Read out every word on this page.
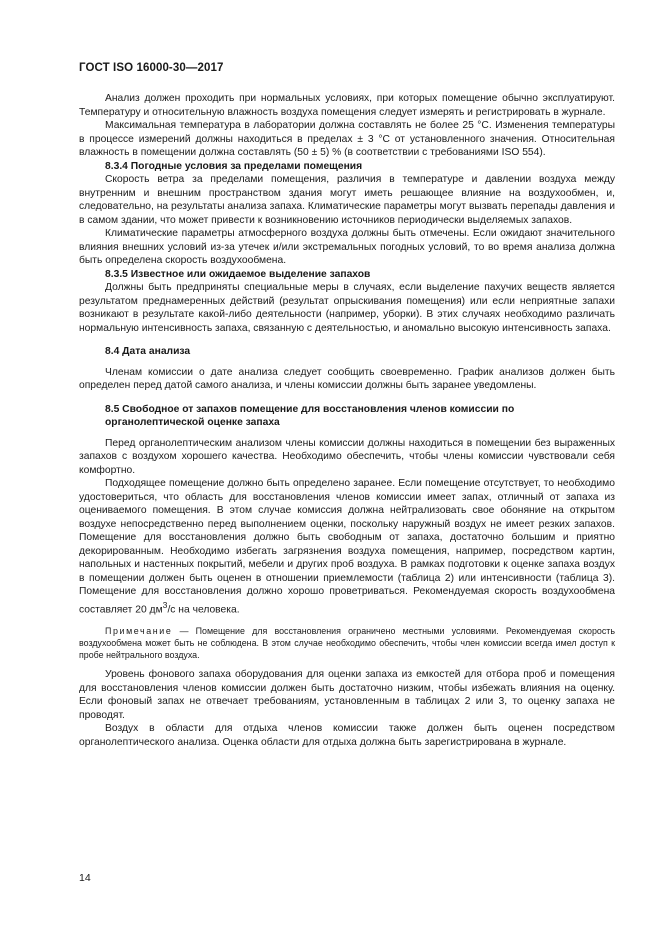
ГОСТ ISO 16000-30—2017

Анализ должен проходить при нормальных условиях, при которых помещение обычно эксплуатируют. Температуру и относительную влажность воздуха помещения следует измерять и регистрировать в журнале.

Максимальная температура в лаборатории должна составлять не более 25 °C. Изменения температуры в процессе измерений должны находиться в пределах ± 3 °C от установленного значения. Относительная влажность в помещении должна составлять (50 ± 5) % (в соответствии с требованиями ISO 554).

8.3.4 Погодные условия за пределами помещения

Скорость ветра за пределами помещения, различия в температуре и давлении воздуха между внутренним и внешним пространством здания могут иметь решающее влияние на воздухообмен, и, следовательно, на результаты анализа запаха. Климатические параметры могут вызвать перепады давления и в самом здании, что может привести к возникновению источников периодически выделяемых запахов.

Климатические параметры атмосферного воздуха должны быть отмечены. Если ожидают значительного влияния внешних условий из-за утечек и/или экстремальных погодных условий, то во время анализа должна быть определена скорость воздухообмена.

8.3.5 Известное или ожидаемое выделение запахов

Должны быть предприняты специальные меры в случаях, если выделение пахучих веществ является результатом преднамеренных действий (результат опрыскивания помещения) или если неприятные запахи возникают в результате какой-либо деятельности (например, уборки). В этих случаях необходимо различать нормальную интенсивность запаха, связанную с деятельностью, и аномально высокую интенсивность запаха.

8.4 Дата анализа

Членам комиссии о дате анализа следует сообщить своевременно. График анализов должен быть определен перед датой самого анализа, и члены комиссии должны быть заранее уведомлены.

8.5 Свободное от запахов помещение для восстановления членов комиссии по органолептической оценке запаха

Перед органолептическим анализом члены комиссии должны находиться в помещении без выраженных запахов с воздухом хорошего качества. Необходимо обеспечить, чтобы члены комиссии чувствовали себя комфортно.

Подходящее помещение должно быть определено заранее. Если помещение отсутствует, то необходимо удостовериться, что область для восстановления членов комиссии имеет запах, отличный от запаха из оцениваемого помещения. В этом случае комиссия должна нейтрализовать свое обоняние на открытом воздухе непосредственно перед выполнением оценки, поскольку наружный воздух не имеет резких запахов. Помещение для восстановления должно быть свободным от запаха, достаточно большим и приятно декорированным. Необходимо избегать загрязнения воздуха помещения, например, посредством картин, напольных и настенных покрытий, мебели и других проб воздуха. В рамках подготовки к оценке запаха воздух в помещении должен быть оценен в отношении приемлемости (таблица 2) или интенсивности (таблица 3). Помещение для восстановления должно хорошо проветриваться. Рекомендуемая скорость воздухообмена составляет 20 $дм^3/с$ на человека.

Примечание — Помещение для восстановления ограничено местными условиями. Рекомендуемая скорость воздухообмена может быть не соблюдена. В этом случае необходимо обеспечить, чтобы член комиссии всегда имел доступ к пробе нейтрального воздуха.

Уровень фонового запаха оборудования для оценки запаха из емкостей для отбора проб и помещения для восстановления членов комиссии должен быть достаточно низким, чтобы избежать влияния на оценку. Если фоновый запах не отвечает требованиям, установленным в таблицах 2 или 3, то оценку запаха не проводят.

Воздух в области для отдыха членов комиссии также должен быть оценен посредством органолептического анализа. Оценка области для отдыха должна быть зарегистрирована в журнале.

14
